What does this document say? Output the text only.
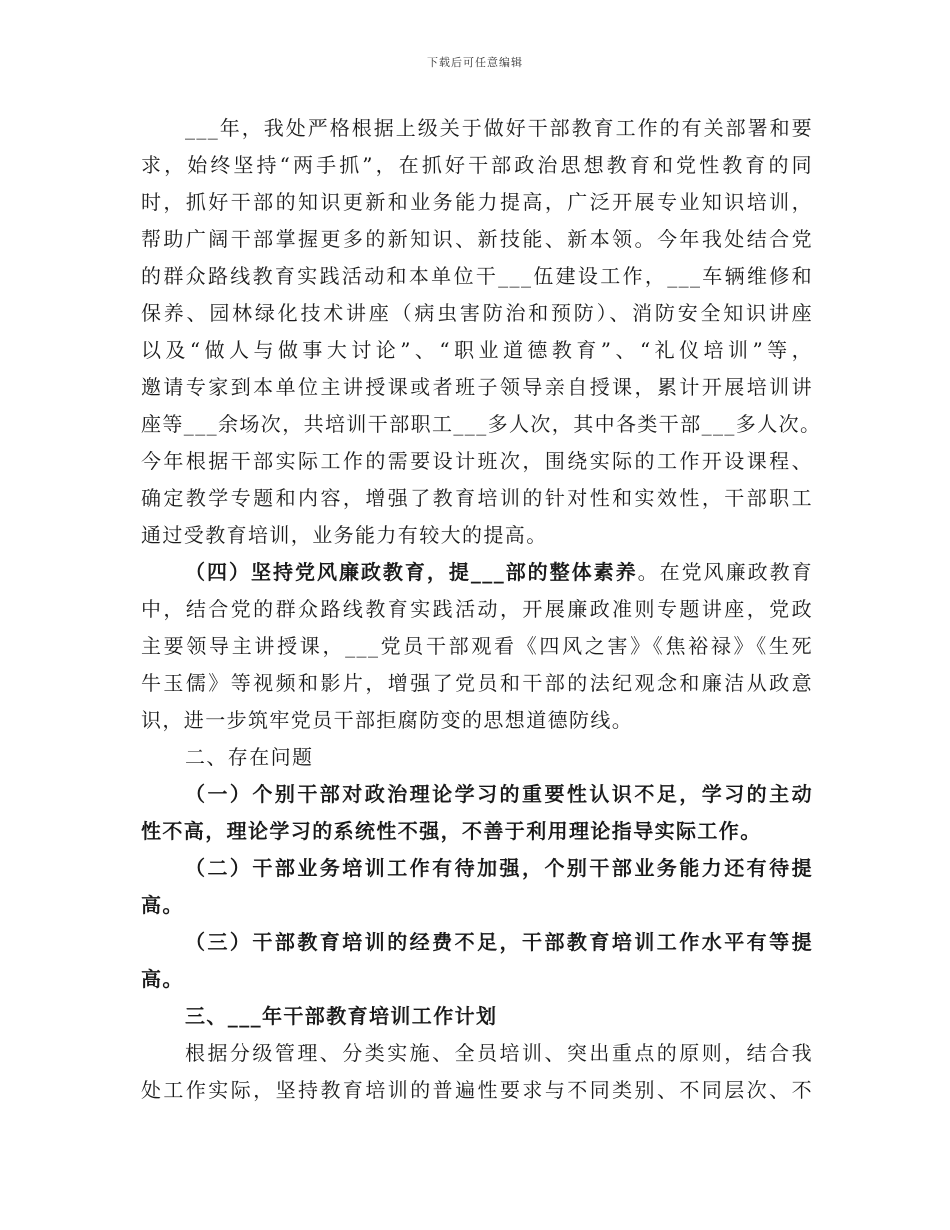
下载后可任意编辑
___年，我处严格根据上级关于做好干部教育工作的有关部署和要
求，始终坚持“两手抓”，在抓好干部政治思想教育和党性教育的同
时，抓好干部的知识更新和业务能力提高，广泛开展专业知识培训，
帮助广阔干部掌握更多的新知识、新技能、新本领。今年我处结合党
的群众路线教育实践活动和本单位干___伍建设工作，___车辆维修和
保养、园林绿化技术讲座（病虫害防治和预防）、消防安全知识讲座
以及“做人与做事大讨论”、“职业道德教育”、“礼仪培训”等，
邀请专家到本单位主讲授课或者班子领导亲自授课，累计开展培训讲
座等___余场次，共培训干部职工___多人次，其中各类干部___多人次。
今年根据干部实际工作的需要设计班次，围绕实际的工作开设课程、
确定教学专题和内容，增强了教育培训的针对性和实效性，干部职工
通过受教育培训，业务能力有较大的提高。
（四）坚持党风廉政教育，提___部的整体素养。在党风廉政教育
中，结合党的群众路线教育实践活动，开展廉政准则专题讲座，党政
主要领导主讲授课，___党员干部观看《四风之害》《焦裕禄》《生死
牛玉儒》等视频和影片，增强了党员和干部的法纪观念和廉洁从政意
识，进一步筑牢党员干部拒腐防变的思想道德防线。
二、存在问题
（一）个别干部对政治理论学习的重要性认识不足，学习的主动
性不高，理论学习的系统性不强，不善于利用理论指导实际工作。
（二）干部业务培训工作有待加强，个别干部业务能力还有待提
高。
（三）干部教育培训的经费不足，干部教育培训工作水平有等提
高。
三、___年干部教育培训工作计划
根据分级管理、分类实施、全员培训、突出重点的原则，结合我
处工作实际，坚持教育培训的普遍性要求与不同类别、不同层次、不
